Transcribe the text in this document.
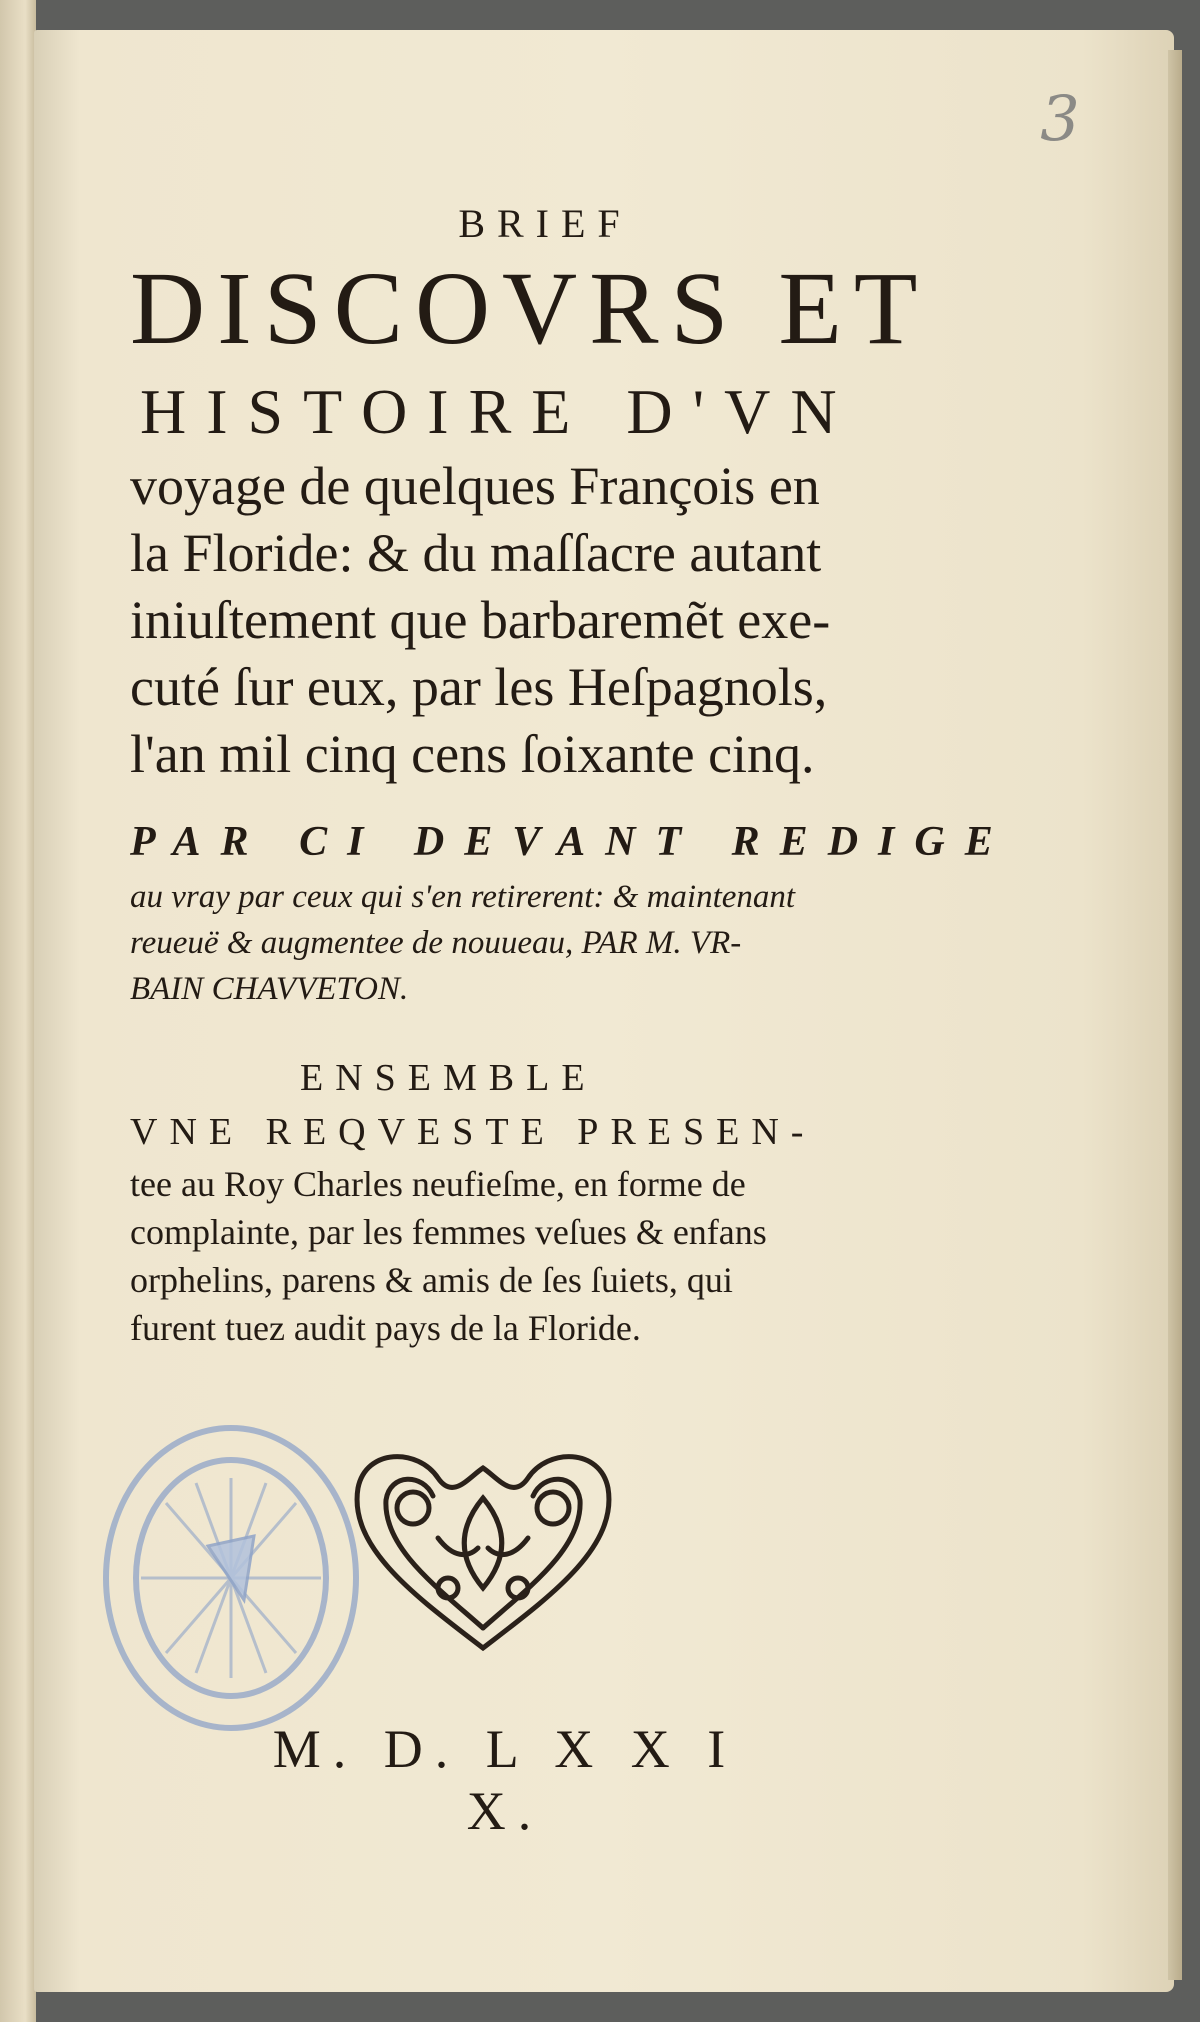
3

BRIEF

DISCOVRS ET

HISTOIRE D'VN

voyage de quelques François en
la Floride: & du maſſacre autant
iniuſtement que barbaremẽt exe-
cuté ſur eux, par les Heſpagnols,
l'an mil cinq cens ſoixante cinq.

PAR CI DEVANT REDIGE

au vray par ceux qui s'en retirerent: & maintenant
reueuë & augmentee de nouueau, PAR M. VR-
BAIN CHAVVETON.

ENSEMBLE

VNE REQVESTE PRESEN-

tee au Roy Charles neufieſme, en forme de
complainte, par les femmes veſues & enfans
orphelins, parens & amis de ſes ſuiets, qui
furent tuez audit pays de la Floride.

M. D. L X X I X.
